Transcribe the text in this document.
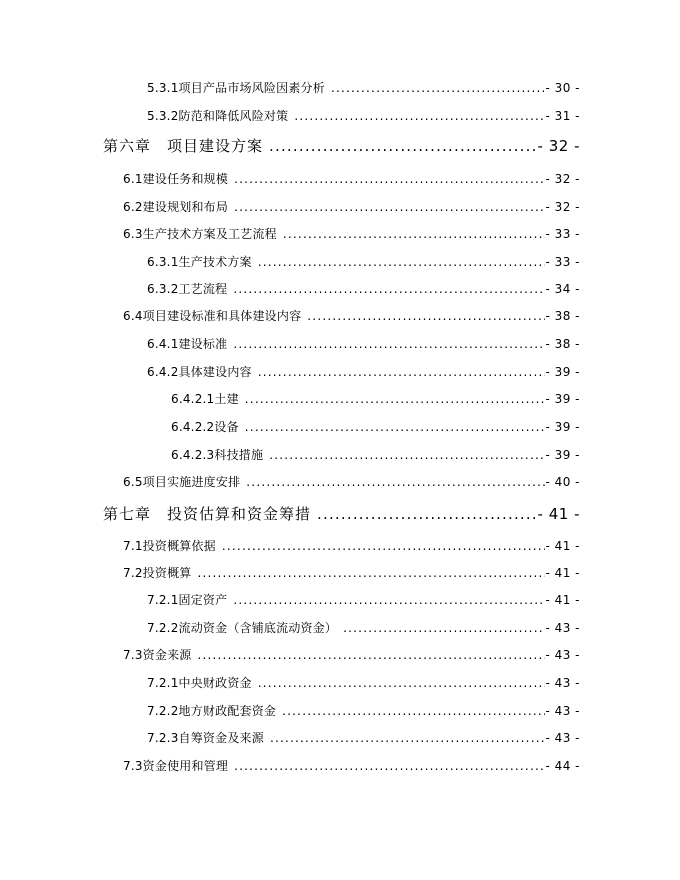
5.3.1项目产品市场风险因素分析 .....	- 30 -
5.3.2防范和降低风险对策 .....	- 31 -
第六章　项目建设方案 .....	- 32 -
6.1建设任务和规模 .....	- 32 -
6.2建设规划和布局 .....	- 32 -
6.3生产技术方案及工艺流程 .....	- 33 -
6.3.1生产技术方案 .....	- 33 -
6.3.2工艺流程 .....	- 34 -
6.4项目建设标准和具体建设内容 .....	- 38 -
6.4.1建设标准 .....	- 38 -
6.4.2具体建设内容 .....	- 39 -
6.4.2.1土建 .....	- 39 -
6.4.2.2设备 .....	- 39 -
6.4.2.3科技措施 .....	- 39 -
6.5项目实施进度安排 .....	- 40 -
第七章　投资估算和资金筹措 .....	- 41 -
7.1投资概算依据 .....	- 41 -
7.2投资概算 .....	- 41 -
7.2.1固定资产 .....	- 41 -
7.2.2流动资金（含铺底流动资金） .....	- 43 -
7.3资金来源 .....	- 43 -
7.2.1中央财政资金 .....	- 43 -
7.2.2地方财政配套资金 .....	- 43 -
7.2.3自筹资金及来源 .....	- 43 -
7.3资金使用和管理 .....	- 44 -
